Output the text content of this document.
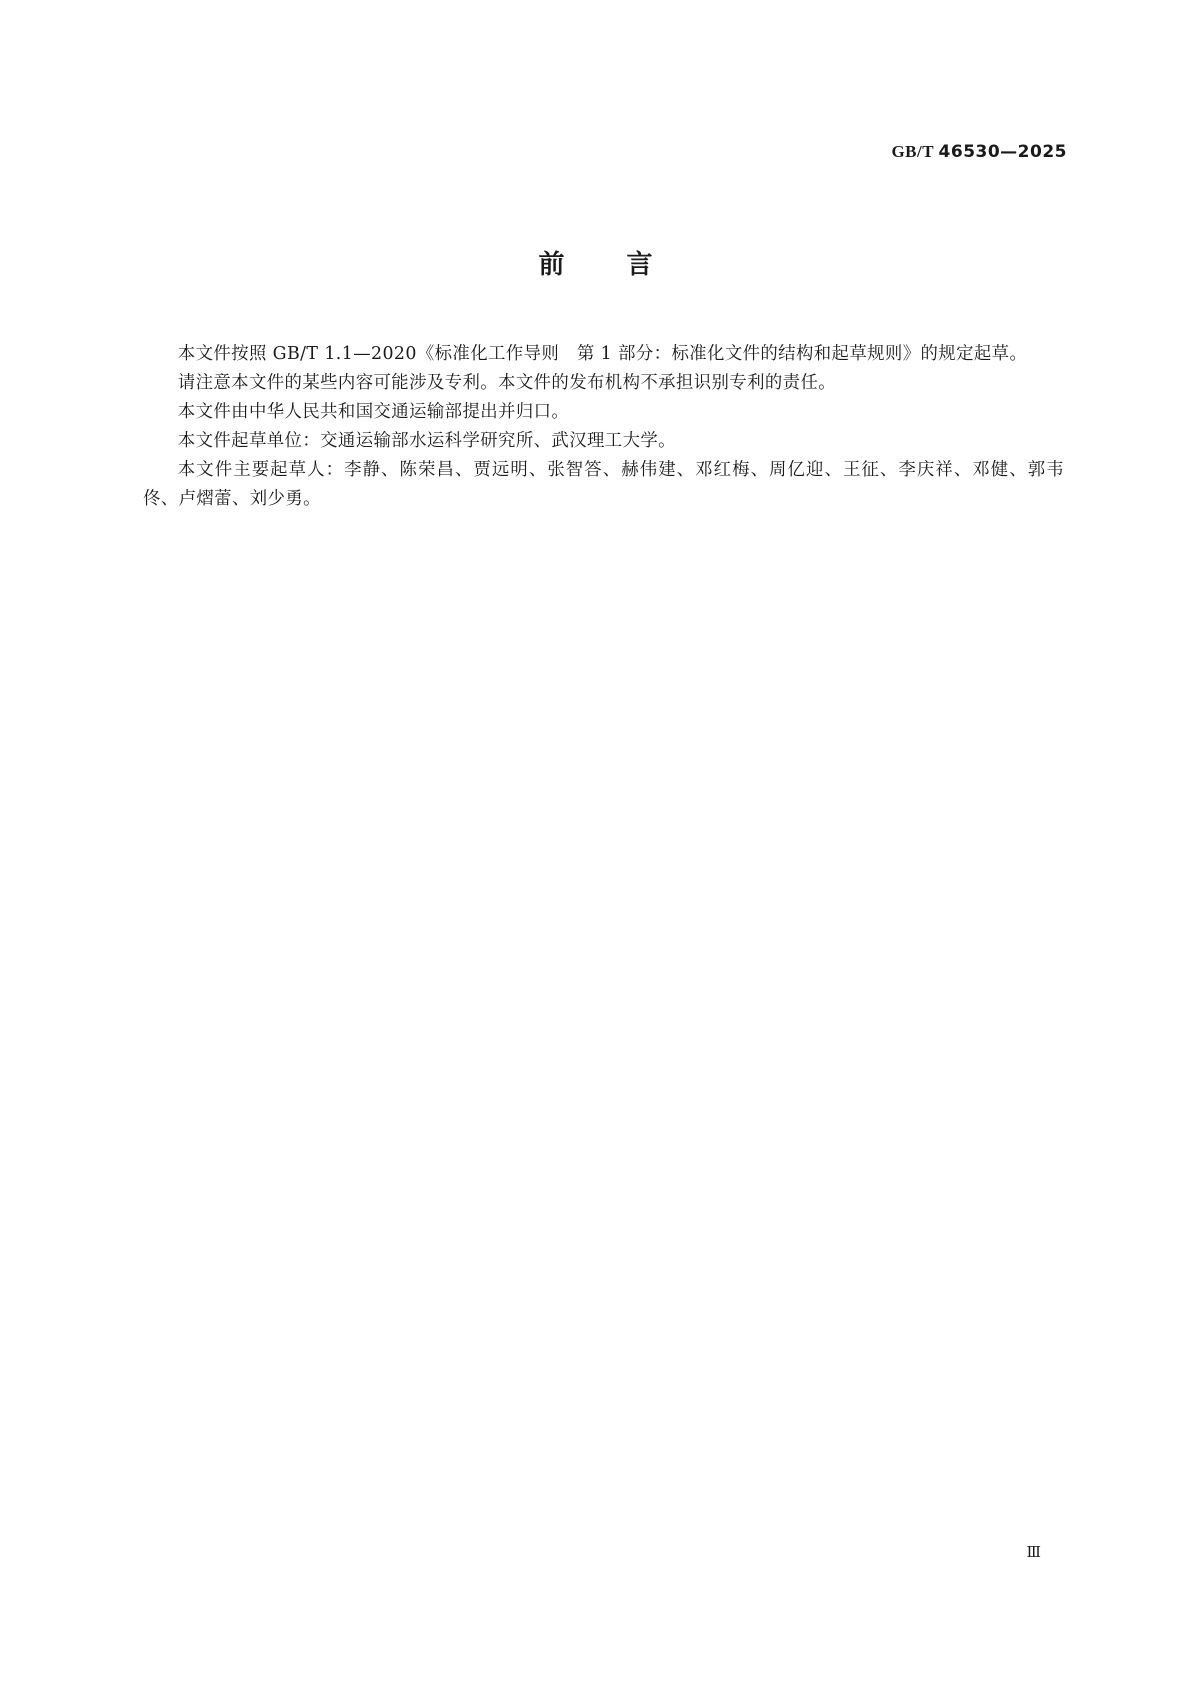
GB/T 46530—2025
前言

本文件按照 GB/T 1.1—2020《标准化工作导则　第 1 部分：标准化文件的结构和起草规则》的规定起草。

请注意本文件的某些内容可能涉及专利。本文件的发布机构不承担识别专利的责任。

本文件由中华人民共和国交通运输部提出并归口。

本文件起草单位：交通运输部水运科学研究所、武汉理工大学。

本文件主要起草人：李静、陈荣昌、贾远明、张智答、赫伟建、邓红梅、周亿迎、王征、李庆祥、邓健、郭韦佟、卢熠蕾、刘少勇。

Ⅲ
